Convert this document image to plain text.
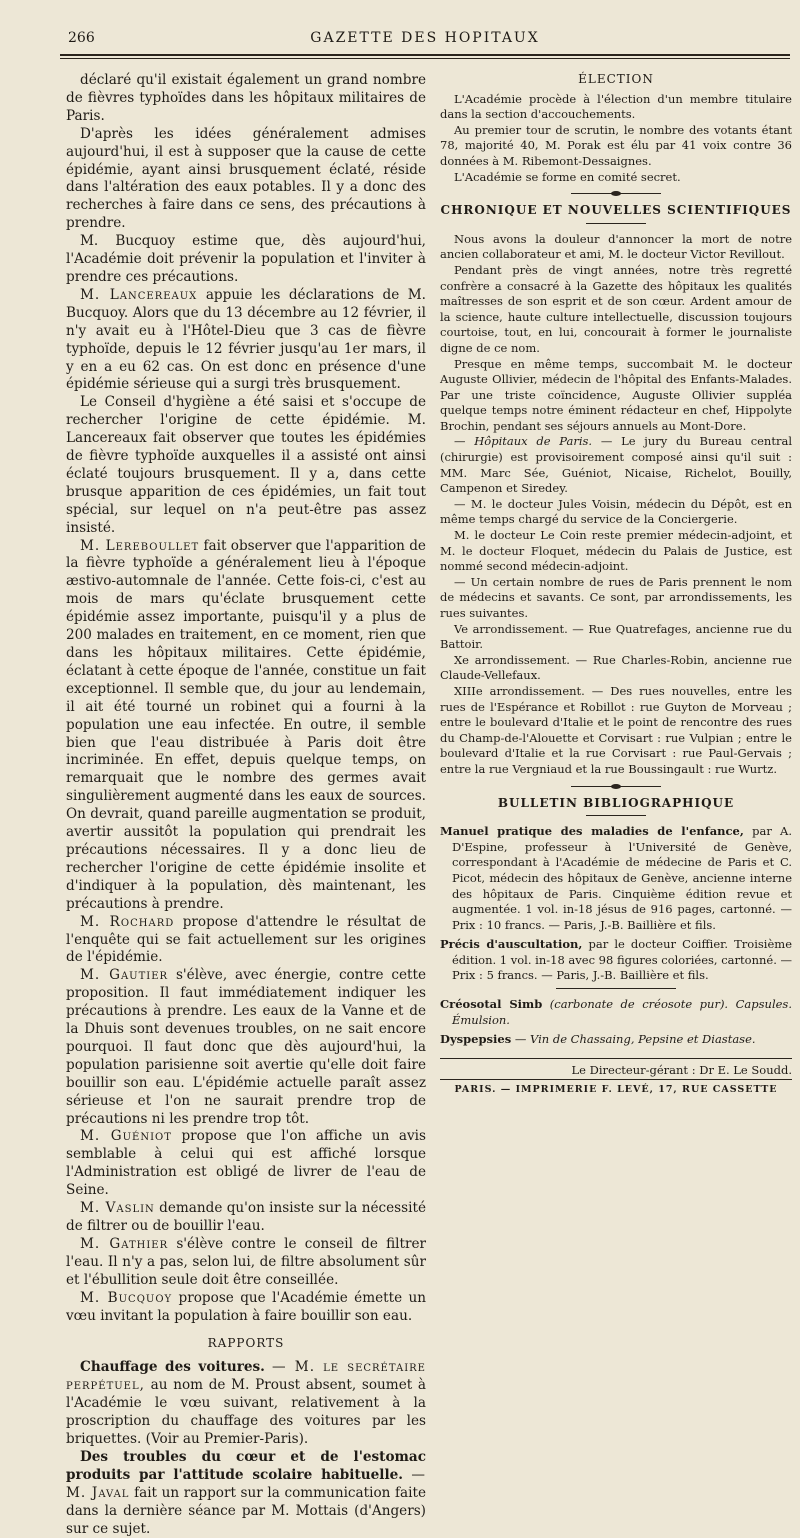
266	GAZETTE DES HOPITAUX

déclaré qu'il existait également un grand nombre de fièvres typhoïdes dans les hôpitaux militaires de Paris.

D'après les idées généralement admises aujourd'hui, il est à supposer que la cause de cette épidémie, ayant ainsi brusquement éclaté, réside dans l'altération des eaux potables. Il y a donc des recherches à faire dans ce sens, des précautions à prendre.

M. Bucquoy estime que, dès aujourd'hui, l'Académie doit prévenir la population et l'inviter à prendre ces précautions.

M. Lancereaux appuie les déclarations de M. Bucquoy. Alors que du 13 décembre au 12 février, il n'y avait eu à l'Hôtel-Dieu que 3 cas de fièvre typhoïde, depuis le 12 février jusqu'au 1er mars, il y en a eu 62 cas. On est donc en présence d'une épidémie sérieuse qui a surgi très brusquement.

Le Conseil d'hygiène a été saisi et s'occupe de rechercher l'origine de cette épidémie. M. Lancereaux fait observer que toutes les épidémies de fièvre typhoïde auxquelles il a assisté ont ainsi éclaté toujours brusquement. Il y a, dans cette brusque apparition de ces épidémies, un fait tout spécial, sur lequel on n'a peut-être pas assez insisté.

M. Lereboullet fait observer que l'apparition de la fièvre typhoïde a généralement lieu à l'époque æstivo-automnale de l'année. Cette fois-ci, c'est au mois de mars qu'éclate brusquement cette épidémie assez importante, puisqu'il y a plus de 200 malades en traitement, en ce moment, rien que dans les hôpitaux militaires. Cette épidémie, éclatant à cette époque de l'année, constitue un fait exceptionnel. Il semble que, du jour au lendemain, il ait été tourné un robinet qui a fourni à la population une eau infectée. En outre, il semble bien que l'eau distribuée à Paris doit être incriminée. En effet, depuis quelque temps, on remarquait que le nombre des germes avait singulièrement augmenté dans les eaux de sources. On devrait, quand pareille augmentation se produit, avertir aussitôt la population qui prendrait les précautions nécessaires. Il y a donc lieu de rechercher l'origine de cette épidémie insolite et d'indiquer à la population, dès maintenant, les précautions à prendre.

M. Rochard propose d'attendre le résultat de l'enquête qui se fait actuellement sur les origines de l'épidémie.

M. Gautier s'élève, avec énergie, contre cette proposition. Il faut immédiatement indiquer les précautions à prendre. Les eaux de la Vanne et de la Dhuis sont devenues troubles, on ne sait encore pourquoi. Il faut donc que dès aujourd'hui, la population parisienne soit avertie qu'elle doit faire bouillir son eau. L'épidémie actuelle paraît assez sérieuse et l'on ne saurait prendre trop de précautions ni les prendre trop tôt.

M. Guéniot propose que l'on affiche un avis semblable à celui qui est affiché lorsque l'Administration est obligé de livrer de l'eau de Seine.

M. Vaslin demande qu'on insiste sur la nécessité de filtrer ou de bouillir l'eau.

M. Gathier s'élève contre le conseil de filtrer l'eau. Il n'y a pas, selon lui, de filtre absolument sûr et l'ébullition seule doit être conseillée.

M. Bucquoy propose que l'Académie émette un vœu invitant la population à faire bouillir son eau.

RAPPORTS

Chauffage des voitures. — M. le secrétaire perpétuel, au nom de M. Proust absent, soumet à l'Académie le vœu suivant, relativement à la proscription du chauffage des voitures par les briquettes. (Voir au Premier-Paris).

Des troubles du cœur et de l'estomac produits par l'attitude scolaire habituelle. — M. Javal fait un rapport sur la communication faite dans la dernière séance par M. Mottais (d'Angers) sur ce sujet.

ÉLECTION

L'Académie procède à l'élection d'un membre titulaire dans la section d'accouchements.

Au premier tour de scrutin, le nombre des votants étant 78, majorité 40, M. Porak est élu par 41 voix contre 36 données à M. Ribemont-Dessaignes.

L'Académie se forme en comité secret.

CHRONIQUE ET NOUVELLES SCIENTIFIQUES

Nous avons la douleur d'annoncer la mort de notre ancien collaborateur et ami, M. le docteur Victor Revillout.

Pendant près de vingt années, notre très regretté confrère a consacré à la Gazette des hôpitaux les qualités maîtresses de son esprit et de son cœur. Ardent amour de la science, haute culture intellectuelle, discussion toujours courtoise, tout, en lui, concourait à former le journaliste digne de ce nom.

Presque en même temps, succombait M. le docteur Auguste Ollivier, médecin de l'hôpital des Enfants-Malades. Par une triste coïncidence, Auguste Ollivier suppléa quelque temps notre éminent rédacteur en chef, Hippolyte Brochin, pendant ses séjours annuels au Mont-Dore.

— Hôpitaux de Paris. — Le jury du Bureau central (chirurgie) est provisoirement composé ainsi qu'il suit : MM. Marc Sée, Guéniot, Nicaise, Richelot, Bouilly, Campenon et Siredey.

— M. le docteur Jules Voisin, médecin du Dépôt, est en même temps chargé du service de la Conciergerie.

M. le docteur Le Coin reste premier médecin-adjoint, et M. le docteur Floquet, médecin du Palais de Justice, est nommé second médecin-adjoint.

— Un certain nombre de rues de Paris prennent le nom de médecins et savants. Ce sont, par arrondissements, les rues suivantes.

Ve arrondissement. — Rue Quatrefages, ancienne rue du Battoir.

Xe arrondissement. — Rue Charles-Robin, ancienne rue Claude-Vellefaux.

XIIIe arrondissement. — Des rues nouvelles, entre les rues de l'Espérance et Robillot : rue Guyton de Morveau ; entre le boulevard d'Italie et le point de rencontre des rues du Champ-de-l'Alouette et Corvisart : rue Vulpian ; entre le boulevard d'Italie et la rue Corvisart : rue Paul-Gervais ; entre la rue Vergniaud et la rue Boussingault : rue Wurtz.

BULLETIN BIBLIOGRAPHIQUE

Manuel pratique des maladies de l'enfance, par A. D'Espine, professeur à l'Université de Genève, correspondant à l'Académie de médecine de Paris et C. Picot, médecin des hôpitaux de Genève, ancienne interne des hôpitaux de Paris. Cinquième édition revue et augmentée. 1 vol. in-18 jésus de 916 pages, cartonné. — Prix : 10 francs. — Paris, J.-B. Baillière et fils.

Précis d'auscultation, par le docteur Coiffier. Troisième édition. 1 vol. in-18 avec 98 figures coloriées, cartonné. — Prix : 5 francs. — Paris, J.-B. Baillière et fils.

Créosotal Simb (carbonate de créosote pur). Capsules. Émulsion.

Dyspepsies — Vin de Chassaing, Pepsine et Diastase.

Le Directeur-gérant : Dr E. Le Soudd.
PARIS. — IMPRIMERIE F. LEVÉ, 17, RUE CASSETTE
